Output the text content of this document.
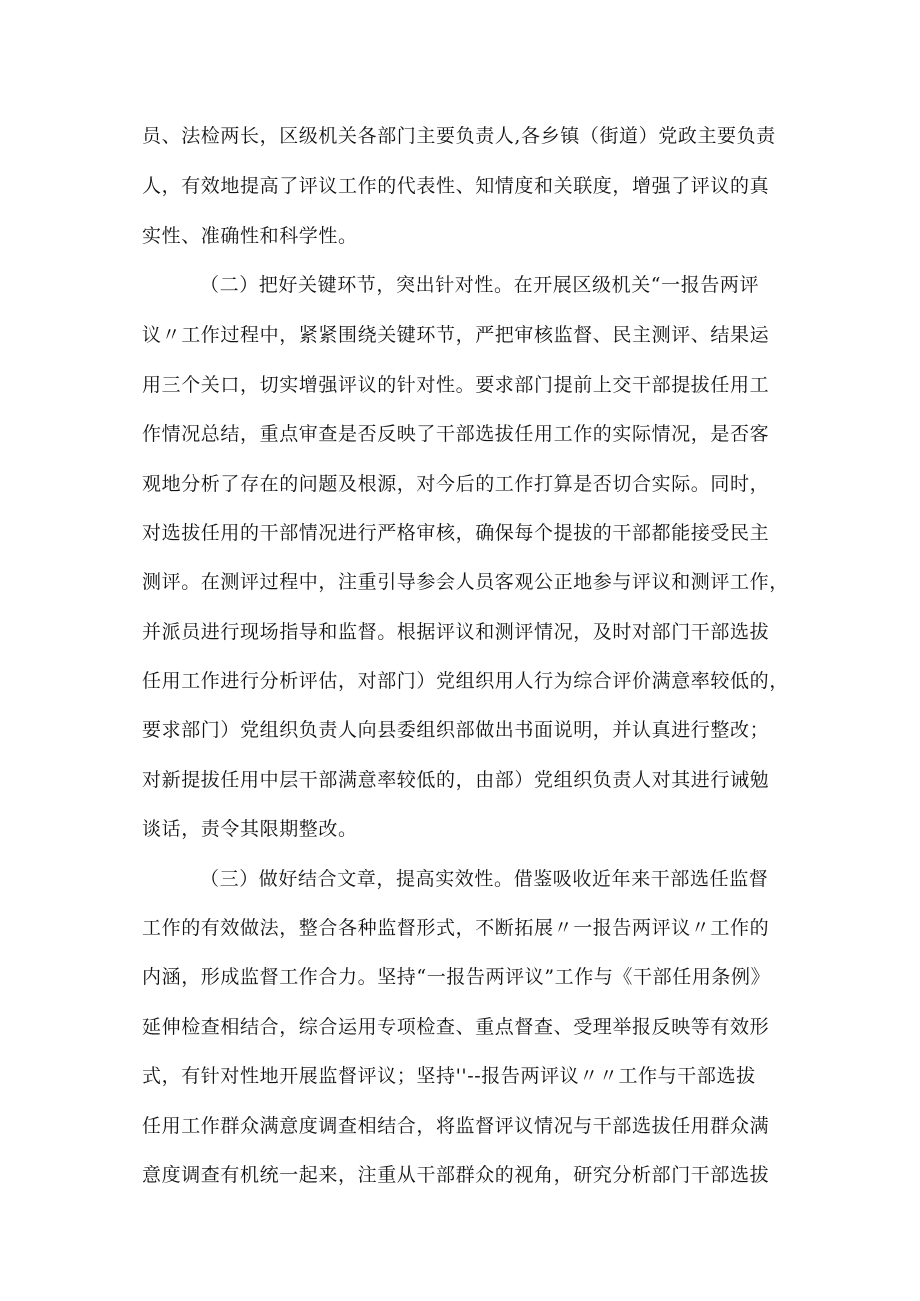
员、法检两长，区级机关各部门主要负责人,各乡镇（街道）党政主要负责
人，有效地提高了评议工作的代表性、知情度和关联度，增强了评议的真
实性、准确性和科学性。
（二）把好关键环节，突出针对性。在开展区级机关“一报告两评
议〃工作过程中，紧紧围绕关键环节，严把审核监督、民主测评、结果运
用三个关口，切实增强评议的针对性。要求部门提前上交干部提拔任用工
作情况总结，重点审查是否反映了干部选拔任用工作的实际情况，是否客
观地分析了存在的问题及根源，对今后的工作打算是否切合实际。同时，
对选拔任用的干部情况进行严格审核，确保每个提拔的干部都能接受民主
测评。在测评过程中，注重引导参会人员客观公正地参与评议和测评工作，
并派员进行现场指导和监督。根据评议和测评情况，及时对部门干部选拔
任用工作进行分析评估，对部门）党组织用人行为综合评价满意率较低的，
要求部门）党组织负责人向县委组织部做出书面说明，并认真进行整改；
对新提拔任用中层干部满意率较低的，由部）党组织负责人对其进行诫勉
谈话，责令其限期整改。
（三）做好结合文章，提高实效性。借鉴吸收近年来干部选任监督
工作的有效做法，整合各种监督形式，不断拓展〃一报告两评议〃工作的
内涵，形成监督工作合力。坚持“一报告两评议”工作与《干部任用条例》
延伸检查相结合，综合运用专项检查、重点督查、受理举报反映等有效形
式，有针对性地开展监督评议；坚持''--报告两评议〃〃工作与干部选拔
任用工作群众满意度调查相结合，将监督评议情况与干部选拔任用群众满
意度调查有机统一起来，注重从干部群众的视角，研究分析部门干部选拔
